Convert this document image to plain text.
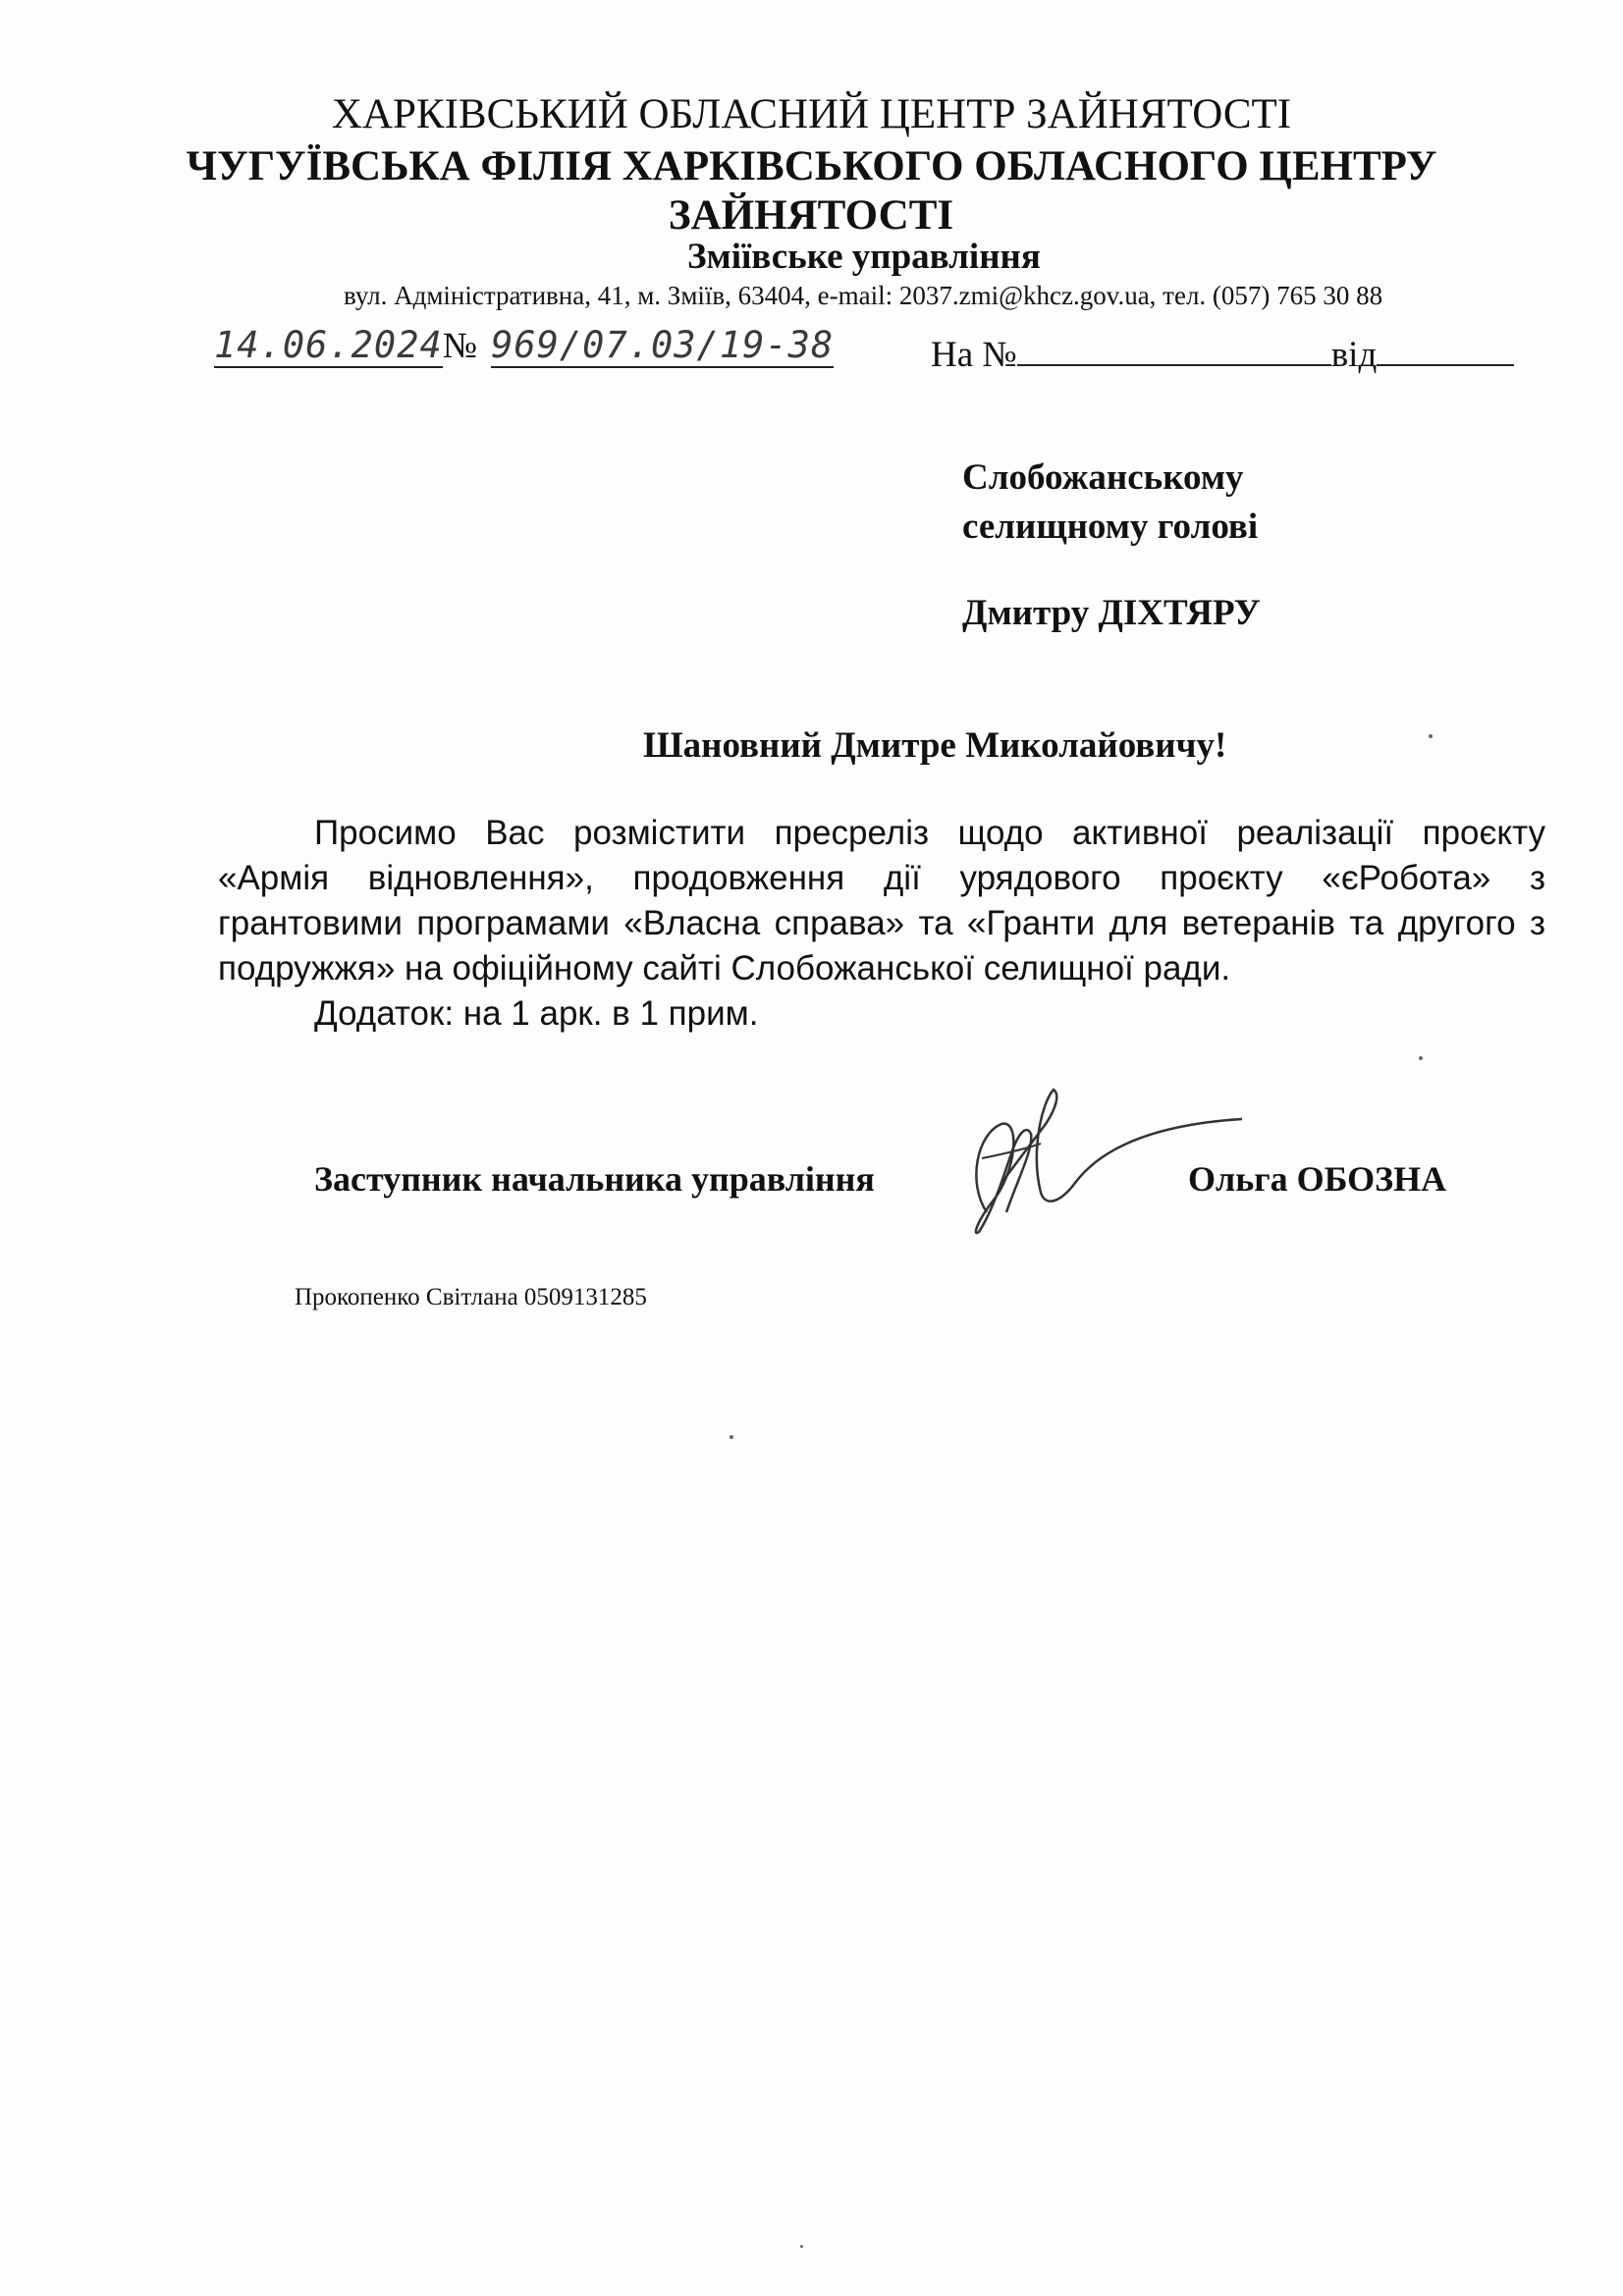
ХАРКІВСЬКИЙ ОБЛАСНИЙ ЦЕНТР ЗАЙНЯТОСТІ
ЧУГУЇВСЬКА ФІЛІЯ ХАРКІВСЬКОГО ОБЛАСНОГО ЦЕНТРУ
ЗАЙНЯТОСТІ
Зміївське управління
вул. Адміністративна, 41, м. Зміїв, 63404, e-mail: 2037.zmi@khcz.gov.ua, тел. (057) 765 30 88
14.06.2024№ 969/07.03/19-38	На №	від
Слобожанському
селищному голові
Дмитру ДІХТЯРУ
Шановний Дмитре Миколайовичу!
Просимо Вас розмістити пресреліз щодо активної реалізації проєкту
«Армія відновлення», продовження дії урядового проєкту «єРобота» з
грантовими програмами «Власна справа» та «Гранти для ветеранів та другого з
подружжя» на офіційному сайті Слобожанської селищної ради.
Додаток: на 1 арк. в 1 прим.
Заступник начальника управління	Ольга ОБОЗНА
Прокопенко Світлана 0509131285
